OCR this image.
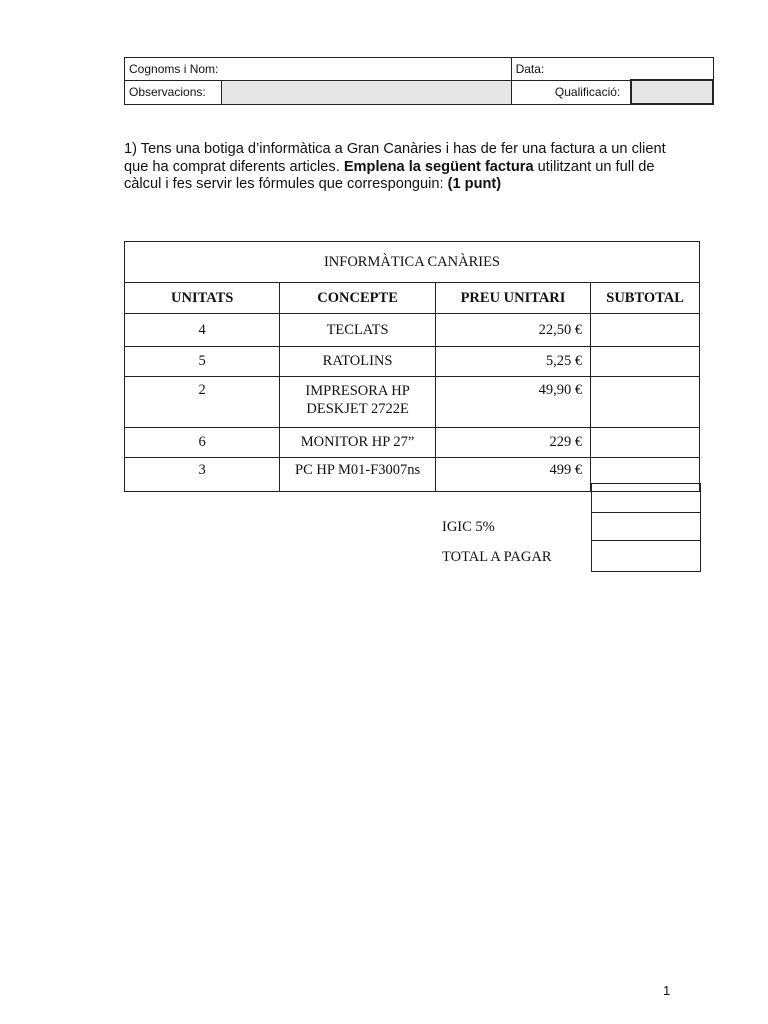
Cognoms i Nom:		Data:	
Observacions:		Qualificació:	
1) Tens una botiga d’informàtica a Gran Canàries i has de fer una factura a un client que ha comprat diferents articles. Emplena la següent factura utilitzant un full de càlcul i fes servir les fórmules que corresponguin: (1 punt)
INFORMÀTICA CANÀRIES			
UNITATS	CONCEPTE	PREU UNITARI	SUBTOTAL
4	TECLATS	22,50 €	
5	RATOLINS	5,25 €	
2	IMPRESORA HP
DESKJET 2722E	49,90 €	
6	MONITOR HP 27”	229 €	
3	PC HP M01-F3007ns	499 €	
IGIC 5%
TOTAL A PAGAR
1
